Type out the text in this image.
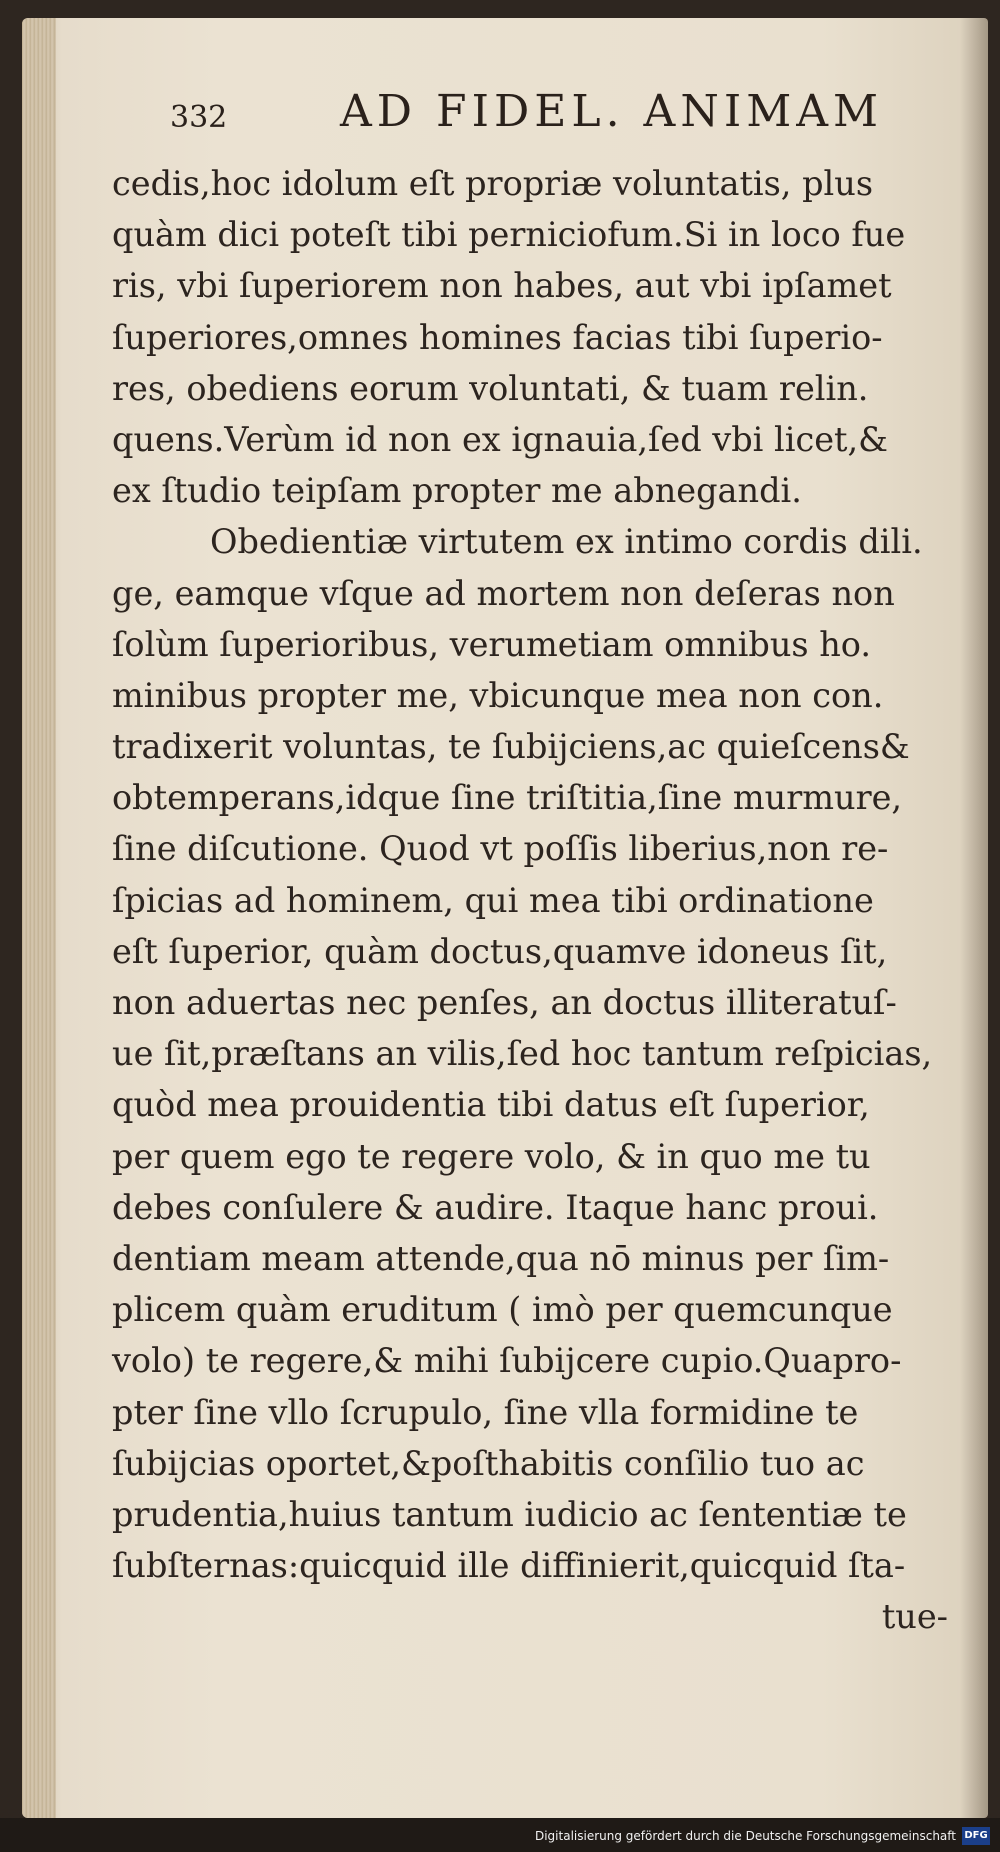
332	AD FIDEL. ANIMAM
cedis,hoc idolum eſt propriæ voluntatis, plus
quàm dici poteſt tibi perniciofum.Si in loco fue
ris, vbi ſuperiorem non habes, aut vbi ipſamet
ſuperiores,omnes homines facias tibi ſuperio-
res, obediens eorum voluntati, & tuam relin.
quens.Verùm id non ex ignauia,ſed vbi licet,&
ex ſtudio teipſam propter me abnegandi.
Obedientiæ virtutem ex intimo cordis dili.
ge, eamque vſque ad mortem non deſeras non
ſolùm ſuperioribus, verumetiam omnibus ho.
minibus propter me, vbicunque mea non con.
tradixerit voluntas, te ſubijciens,ac quieſcens&
obtemperans,idque ſine triſtitia,ſine murmure,
ſine diſcutione. Quod vt poſſis liberius,non re-
ſpicias ad hominem, qui mea tibi ordinatione
eſt ſuperior, quàm doctus,quamve idoneus ſit,
non aduertas nec penſes, an doctus illiteratuſ-
ue ſit,præſtans an vilis,ſed hoc tantum reſpicias,
quòd mea prouidentia tibi datus eſt ſuperior,
per quem ego te regere volo, & in quo me tu
debes conſulere & audire. Itaque hanc proui.
dentiam meam attende,qua nō minus per ſim-
plicem quàm eruditum ( imò per quemcunque
volo) te regere,& mihi ſubijcere cupio.Quapro-
pter ſine vllo ſcrupulo, ſine vlla formidine te
ſubijcias oportet,&poſthabitis conſilio tuo ac
prudentia,huius tantum iudicio ac ſententiæ te
ſubſternas:quicquid ille diffinierit,quicquid ſta-
tue-
Digitalisierung gefördert durch die Deutsche Forschungsgemeinschaft DFG
